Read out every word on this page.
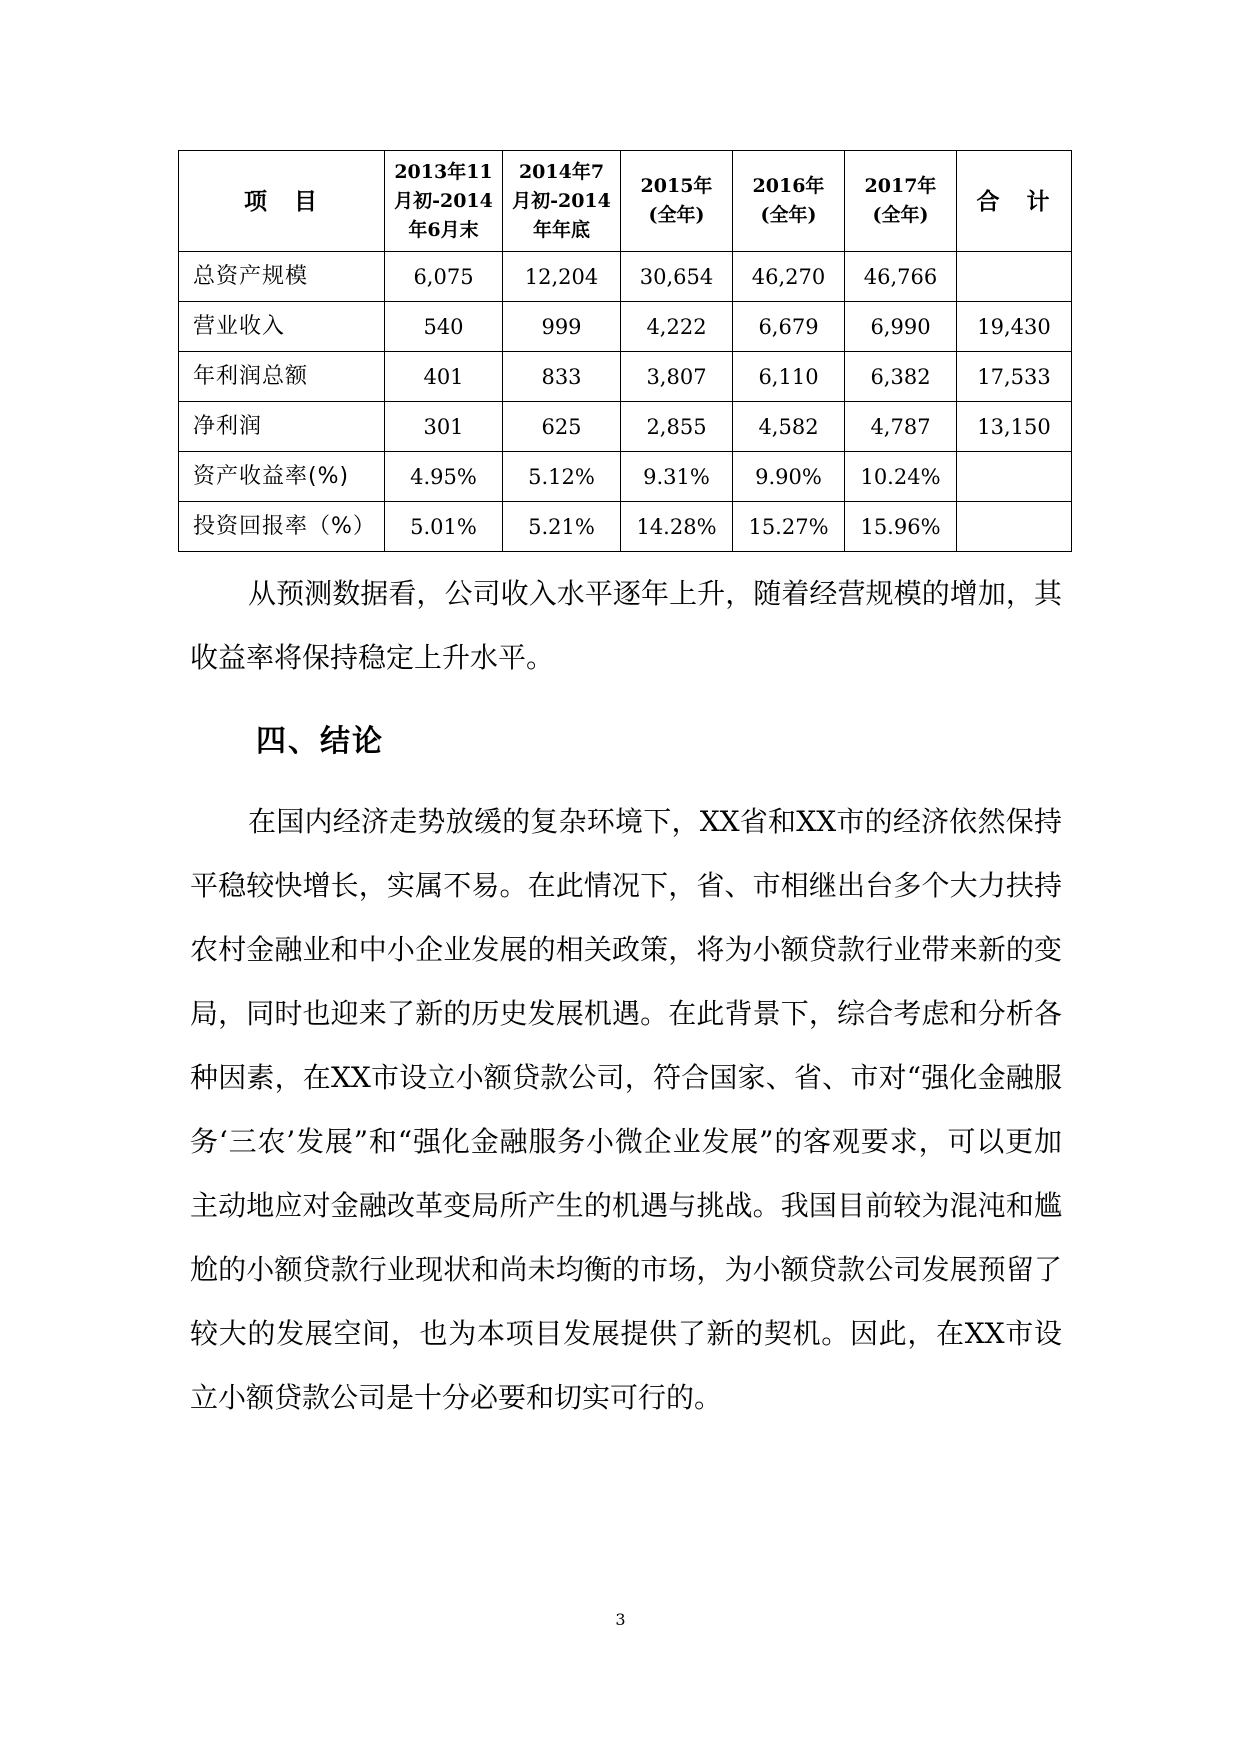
项　目	2013年11
月初-2014
年6月末	2014年7
月初-2014
年年底	2015年
(全年)	2016年
(全年)	2017年
(全年)	合　计

总资产规模	6,075	12,204	30,654	46,270	46,766	
营业收入	540	999	4,222	6,679	6,990	19,430
年利润总额	401	833	3,807	6,110	6,382	17,533
净利润	301	625	2,855	4,582	4,787	13,150
资产收益率(%)	4.95%	5.12%	9.31%	9.90%	10.24%	
投资回报率（%）	5.01%	5.21%	14.28%	15.27%	15.96%	

从预测数据看，公司收入水平逐年上升，随着经营规模的增加，其收益率将保持稳定上升水平。

四、结论

在国内经济走势放缓的复杂环境下，XX省和XX市的经济依然保持平稳较快增长，实属不易。在此情况下，省、市相继出台多个大力扶持农村金融业和中小企业发展的相关政策，将为小额贷款行业带来新的变局，同时也迎来了新的历史发展机遇。在此背景下，综合考虑和分析各种因素，在XX市设立小额贷款公司，符合国家、省、市对“强化金融服务‘三农’发展”和“强化金融服务小微企业发展”的客观要求，可以更加主动地应对金融改革变局所产生的机遇与挑战。我国目前较为混沌和尴尬的小额贷款行业现状和尚未均衡的市场，为小额贷款公司发展预留了较大的发展空间，也为本项目发展提供了新的契机。因此，在XX市设立小额贷款公司是十分必要和切实可行的。

3
